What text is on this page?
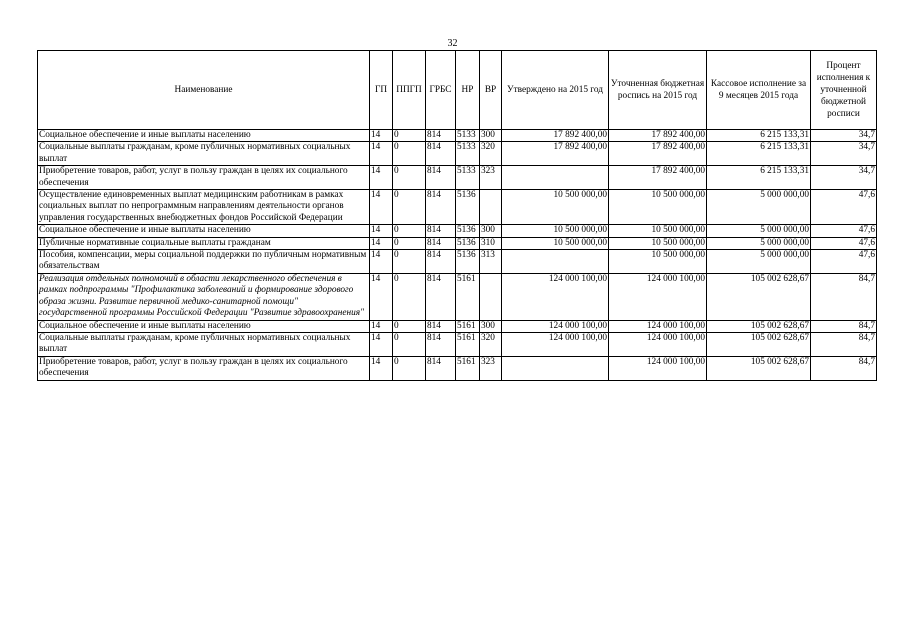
32
Наименование	ГП	ППГП	ГРБС	НР	ВР	Утверждено на 2015 год	Уточненная бюджетная роспись на 2015 год	Кассовое исполнение за 9 месяцев 2015 года	Процент исполнения к уточненной бюджетной росписи
Социальное обеспечение и иные выплаты населению	14	0	814	5133	300	17 892 400,00	17 892 400,00	6 215 133,31	34,7
Социальные выплаты гражданам, кроме публичных нормативных социальных выплат	14	0	814	5133	320	17 892 400,00	17 892 400,00	6 215 133,31	34,7
Приобретение товаров, работ, услуг в пользу граждан в целях их социального обеспечения	14	0	814	5133	323		17 892 400,00	6 215 133,31	34,7
Осуществление единовременных выплат медицинским работникам в рамках социальных выплат по непрограммным направлениям деятельности органов управления государственных внебюджетных фондов Российской Федерации	14	0	814	5136		10 500 000,00	10 500 000,00	5 000 000,00	47,6
Социальное обеспечение и иные выплаты населению	14	0	814	5136	300	10 500 000,00	10 500 000,00	5 000 000,00	47,6
Публичные нормативные социальные выплаты гражданам	14	0	814	5136	310	10 500 000,00	10 500 000,00	5 000 000,00	47,6
Пособия, компенсации, меры социальной поддержки по публичным нормативным обязательствам	14	0	814	5136	313		10 500 000,00	5 000 000,00	47,6
Реализация отдельных полномочий в области лекарственного обеспечения в рамках подпрограммы "Профилактика заболеваний и формирование здорового образа жизни. Развитие первичной медико-санитарной помощи" государственной программы Российской Федерации "Развитие здравоохранения"	14	0	814	5161		124 000 100,00	124 000 100,00	105 002 628,67	84,7
Социальное обеспечение и иные выплаты населению	14	0	814	5161	300	124 000 100,00	124 000 100,00	105 002 628,67	84,7
Социальные выплаты гражданам, кроме публичных нормативных социальных выплат	14	0	814	5161	320	124 000 100,00	124 000 100,00	105 002 628,67	84,7
Приобретение товаров, работ, услуг в пользу граждан в целях их социального обеспечения	14	0	814	5161	323		124 000 100,00	105 002 628,67	84,7
